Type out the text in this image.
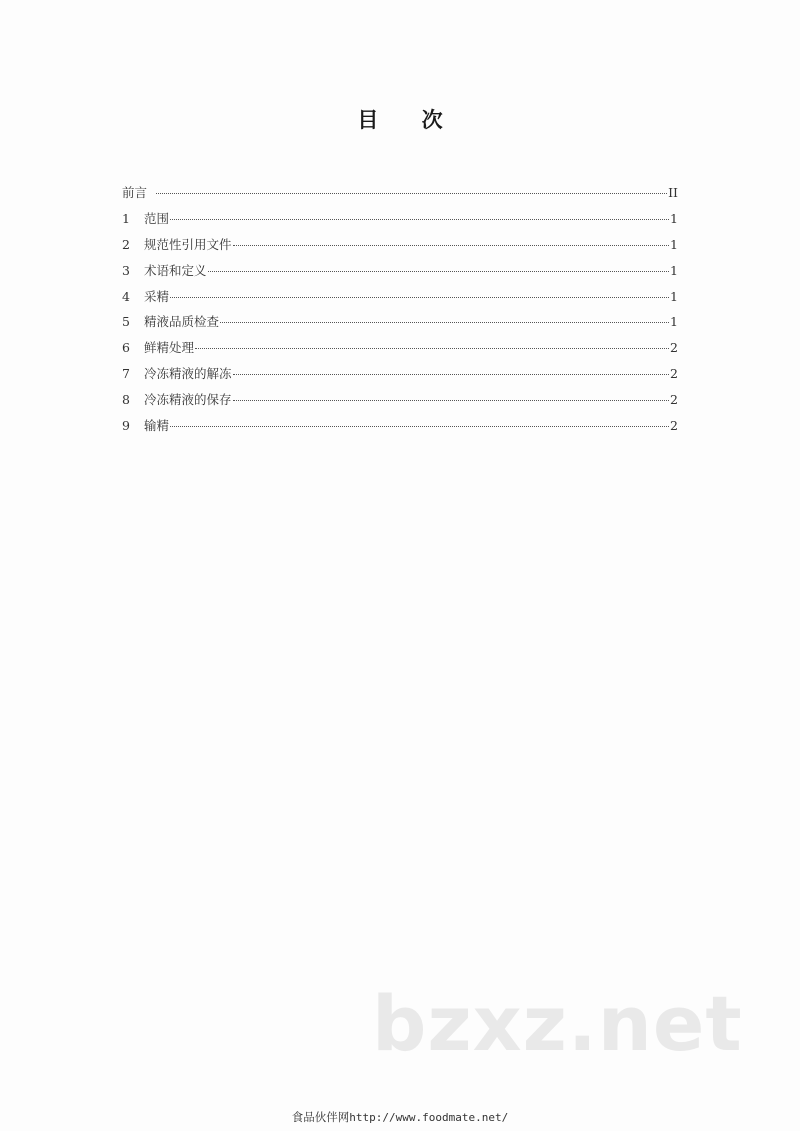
目 次
前言	II
1	范围	1
2	规范性引用文件	1
3	术语和定义	1
4	采精	1
5	精液品质检查	1
6	鲜精处理	2
7	冷冻精液的解冻	2
8	冷冻精液的保存	2
9	输精	2
bzxz.net
食品伙伴网http://www.foodmate.net/
